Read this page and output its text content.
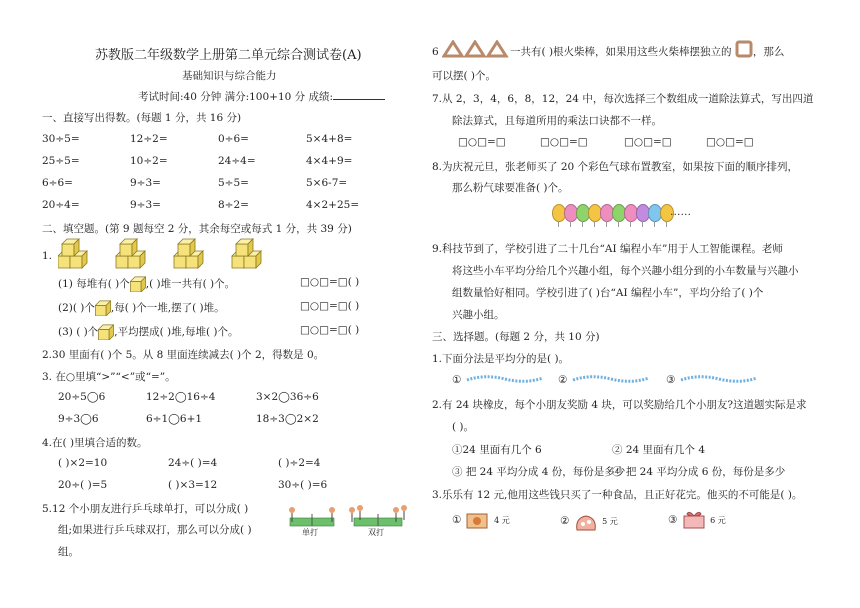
苏教版二年级数学上册第二单元综合测试卷(A)
基础知识与综合能力
考试时间:40 分钟 满分:100+10 分 成绩:
一、直接写出得数。(每题 1 分，共 16 分)
30÷5=	12÷2=	0÷6=	5×4+8=
25÷5=	10÷2=	24÷4=	4×4+9=
6÷6=	9÷3=	5÷5=	5×6-7=
20÷4=	9÷3=	8÷2=	4×2+25=
二、填空题。(第 9 题每空 2 分，其余每空或每式 1 分，共 39 分)
1.
(1) 每堆有( )个 ,( )堆一共有( )个。	□○□=□( )
(2)( )个 ,每( )个一堆,摆了( )堆。	□○□=□( )
(3) ( )个 ,平均摆成( )堆,每堆( )个。	□○□=□( )
2.30 里面有( )个 5。从 8 里面连续减去( )个 2，得数是 0。
3. 在○里填“>”“<”或“=”。
20÷5◯6	12÷2◯16÷4	3×2◯36÷6
9÷3◯6	6÷1◯6+1	18÷3◯2×2
4.在( )里填合适的数。
( )×2=10	24÷( )=4	( )÷2=4
20÷( )=5	( )×3=12	30÷( )=6
5.12 个小朋友进行乒乓球单打，可以分成( )
组;如果进行乒乓球双打，那么可以分成( )
组。
单打	双打
6	一共有( )根火柴棒，如果用这些火柴棒摆独立的 ，那么
可以摆( )个。
7.从 2，3，4，6，8，12，24 中，每次选择三个数组成一道除法算式，写出四道
除法算式，且每道所用的乘法口诀都不一样。
□○□=□	□○□=□	□○□=□	□○□=□
8.为庆祝元旦，张老师买了 20 个彩色气球布置教室，如果按下面的顺序排列，
那么粉气球要准备( )个。
……
9.科技节到了，学校引进了二十几台“AI 编程小车”用于人工智能课程。老师
将这些小车平均分给几个兴趣小组，每个兴趣小组分到的小车数量与兴趣小
组数量恰好相同。学校引进了( )台“AI 编程小车”，平均分给了( )个
兴趣小组。
三、选择题。(每题 2 分，共 10 分)
1.下面分法是平均分的是( )。
①	②	③
2.有 24 块橡皮，每个小朋友奖励 4 块，可以奖励给几个小朋友?这道题实际是求
( )。
①24 里面有几个 6	② 24 里面有几个 4
③ 把 24 平均分成 4 份，每份是多少
④ 把 24 平均分成 6 份，每份是多少
3.乐乐有 12 元,他用这些钱只买了一种食品，且正好花完。他买的不可能是( )。
①	4 元	②	5 元	③	6 元
